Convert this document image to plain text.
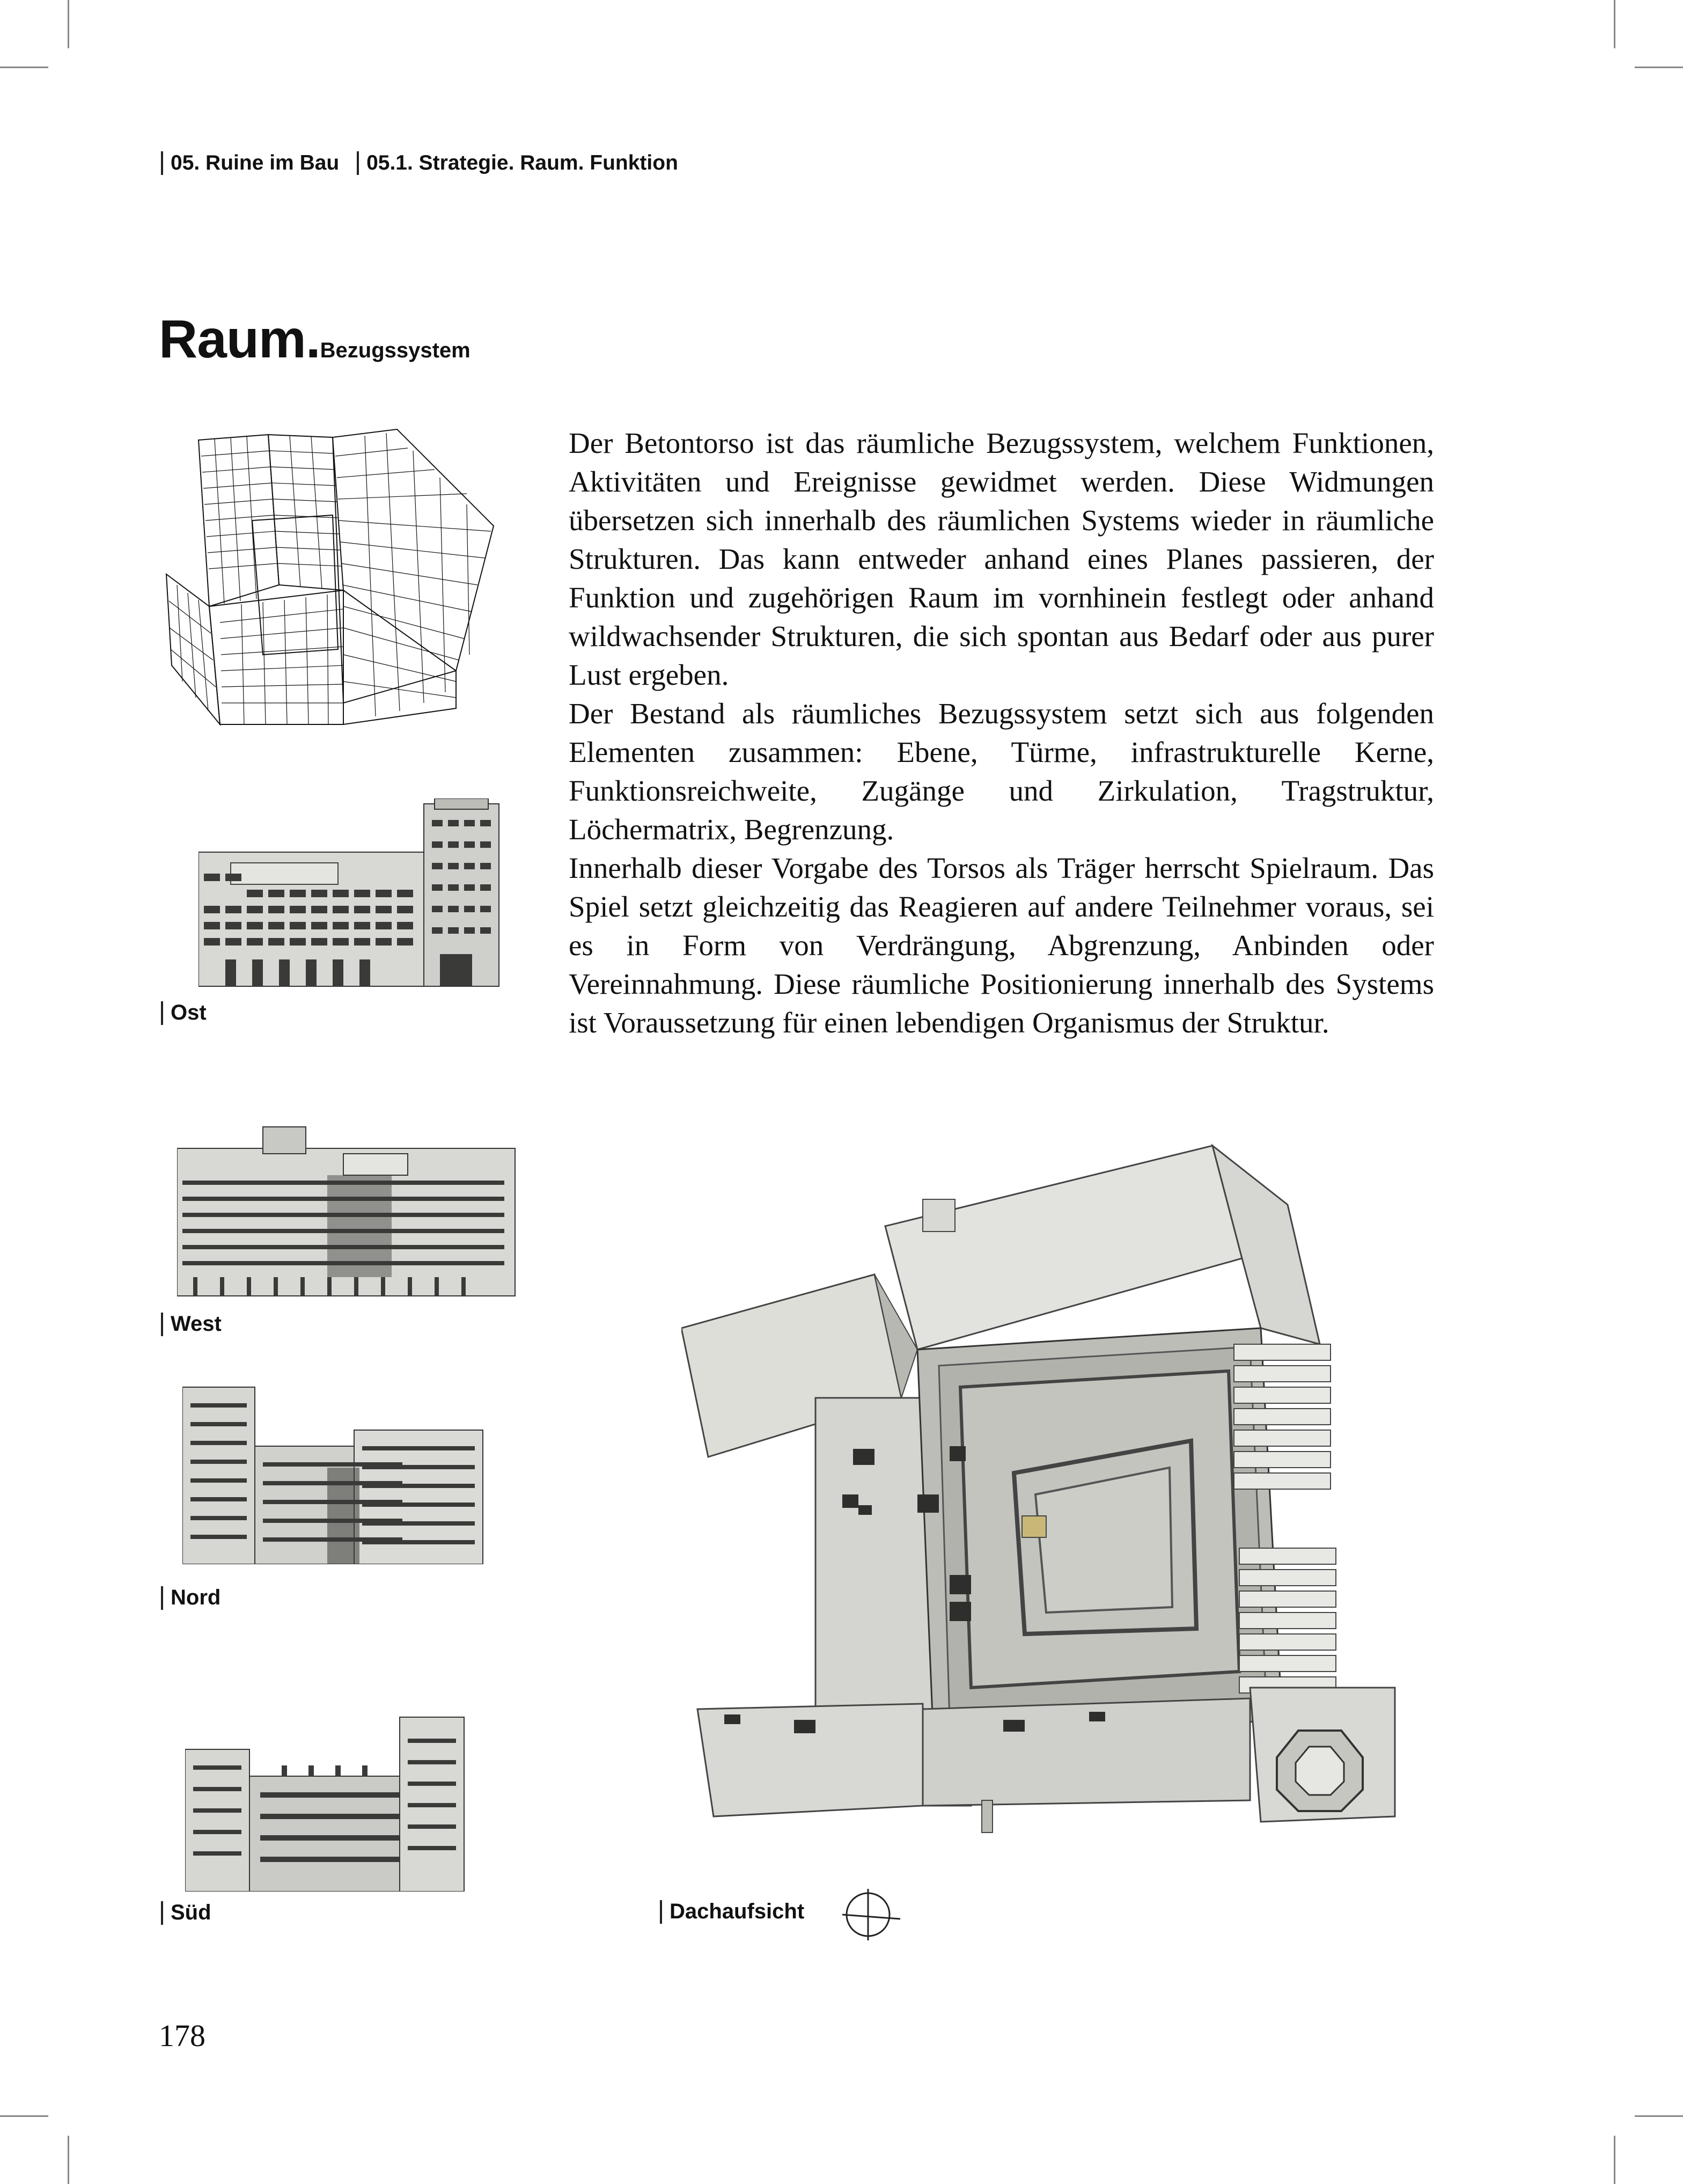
05. Ruine im Bau
05.1. Strategie. Raum. Funktion
Raum.Bezugssystem
Ost

Der Betontorso ist das räumliche Bezugssystem, welchem Funktionen, Aktivitäten und Ereignisse gewidmet werden. Diese Widmungen übersetzen sich innerhalb des räumlichen Systems wieder in räumliche Strukturen. Das kann entweder anhand eines Planes passieren, der Funktion und zugehörigen Raum im vornhinein festlegt oder anhand wildwachsender Strukturen, die sich spontan aus Bedarf oder aus purer Lust ergeben.

Der Bestand als räumliches Bezugssystem setzt sich aus folgenden Elementen zusammen: Ebene, Türme, infrastrukturelle Kerne, Funktionsreichweite, Zugänge und Zirkulation, Tragstruktur, Löchermatrix, Begrenzung.

Innerhalb dieser Vorgabe des Torsos als Träger herrscht Spielraum. Das Spiel setzt gleichzeitig das Reagieren auf andere Teilnehmer voraus, sei es in Form von Verdrängung, Abgrenzung, Anbinden oder Vereinnahmung. Diese räumliche Positionierung innerhalb des Systems ist Voraussetzung für einen lebendigen Organismus der Struktur.

West
Nord
Süd	Dachaufsicht
178
